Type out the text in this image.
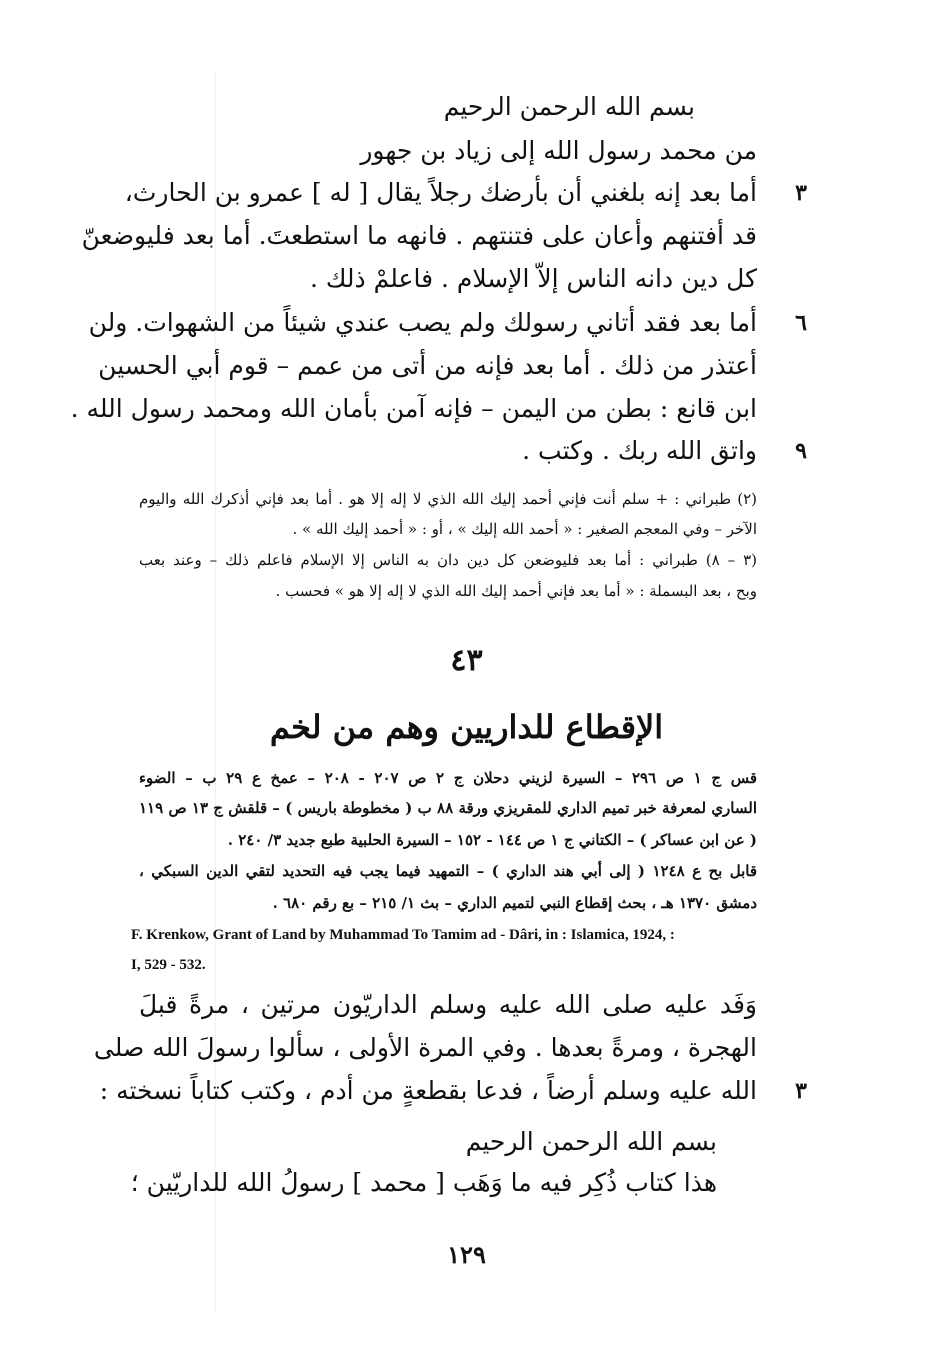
بسم الله الرحمن الرحيم
من محمد رسول الله إلى زياد بن جهور
أما بعد إنه بلغني أن بأرضك رجلاً يقال [ له ] عمرو بن الحارث، ٣
قد أفتنهم وأعان على فتنتهم . فانهه ما استطعتَ. أما بعد فليوضعنّ
كل دين دانه الناس إلاّ الإسلام . فاعلمْ ذلك .
أما بعد فقد أتاني رسولك ولم يصب عندي شيئاً من الشهوات. ولن ٦
أعتذر من ذلك . أما بعد فإنه من أتى من عمم – قوم أبي الحسين
ابن قانع : بطن من اليمن – فإنه آمن بأمان الله ومحمد رسول الله .
واتق الله ربك . وكتب . ٩
(٢) طبراني : + سلم أنت فإني أحمد إليك الله الذي لا إله إلا هو . أما بعد فإني أذكرك الله واليوم
الآخر – وفي المعجم الصغير : « أحمد الله إليك » ، أو : « أحمد إليك الله » .
(٣ – ٨) طبراني : أما بعد فليوضعن كل دين دان به الناس إلا الإسلام فاعلم ذلك – وعند بعب
وبح ، بعد البسملة : « أما بعد فإني أحمد إليك الله الذي لا إله إلا هو » فحسب .
٤٣
الإقطاع للداريين وهم من لخم
قس ج ١ ص ٢٩٦ – السيرة لزيني دحلان ج ٢ ص ٢٠٧ - ٢٠٨ – عمخ ع ٢٩ ب – الضوء
الساري لمعرفة خبر تميم الداري للمقريزي ورقة ٨٨ ب ( مخطوطة باريس ) – قلقش ج ١٣ ص ١١٩
( عن ابن عساكر ) – الكتاني ج ١ ص ١٤٤ - ١٥٢ – السيرة الحلبية طبع جديد ٣/ ٢٤٠ .
قابل بح ع ١٢٤٨ ( إلى أبي هند الداري ) – التمهيد فيما يجب فيه التحديد لتقي الدين السبكي ،
دمشق ١٣٧٠ هـ ، بحث إقطاع النبي لتميم الداري – بث ١/ ٢١٥ – بع رقم ٦٨٠ .
F. Krenkow, Grant of Land by Muhammad To Tamim ad - Dâri, in : Islamica, 1924, :
I, 529 - 532.
وَفَد عليه صلى الله عليه وسلم الداريّون مرتين ، مرةً قبلَ
الهجرة ، ومرةً بعدها . وفي المرة الأولى ، سألوا رسولَ الله صلى
الله عليه وسلم أرضاً ، فدعا بقطعةٍ من أدم ، وكتب كتاباً نسخته : ٣
بسم الله الرحمن الرحيم
هذا كتاب ذُكِر فيه ما وَهَب [ محمد ] رسولُ الله للداريّين ؛
١٢٩
